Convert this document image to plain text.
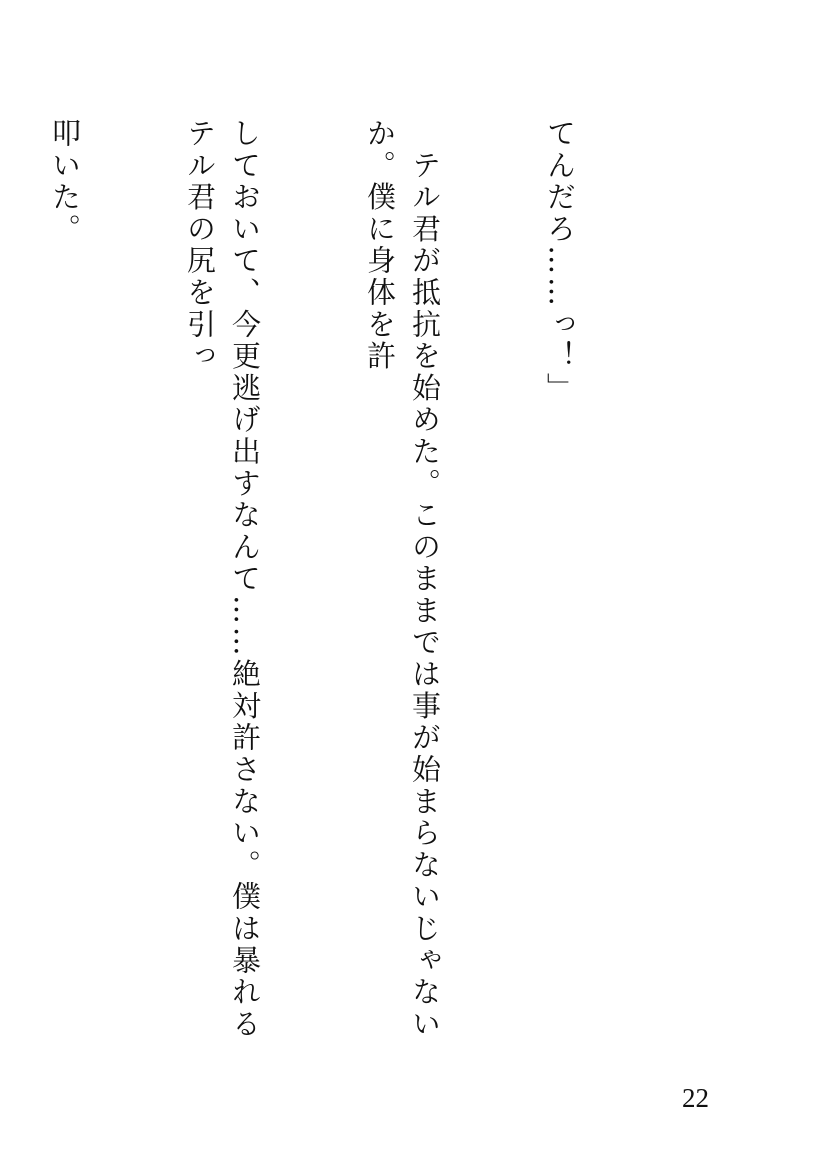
てんだろ……っ！」

　テル君が抵抗を始めた。このままでは事が始まらないじゃないか。僕に身体を許

しておいて、今更逃げ出すなんて……絶対許さない。僕は暴れるテル君の尻を引っ

叩いた。

22
